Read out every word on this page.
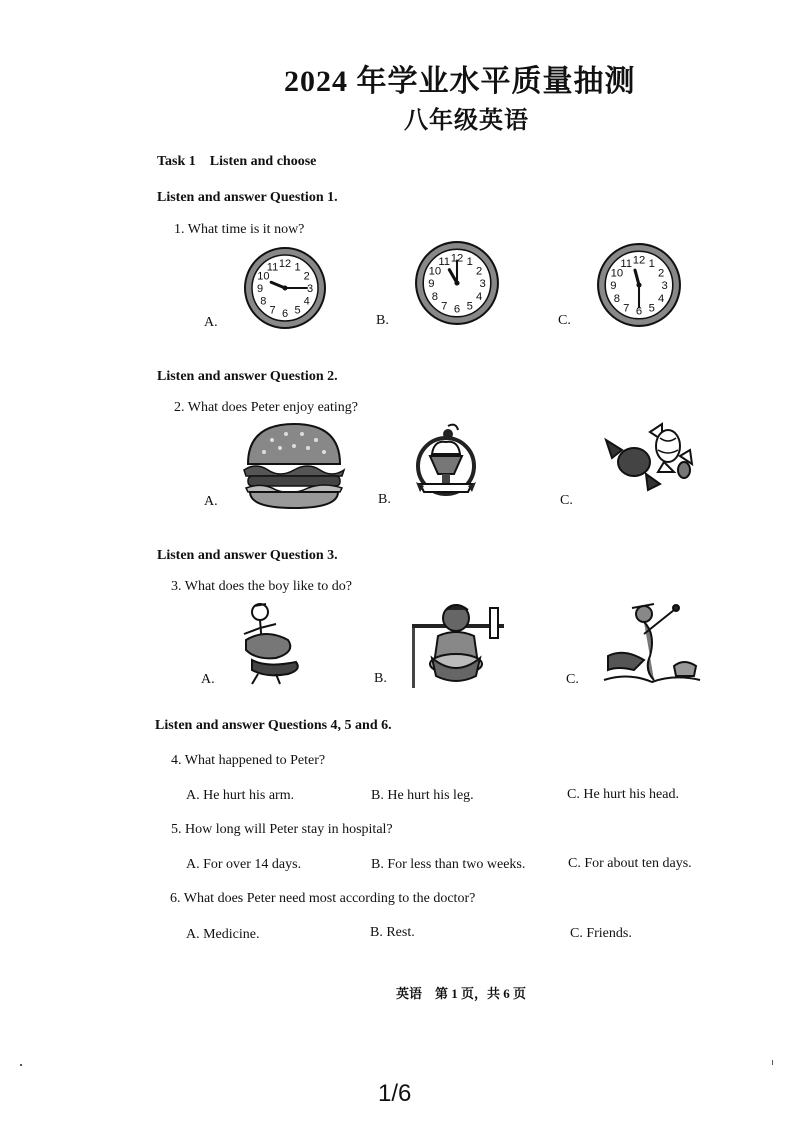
2024 年学业水平质量抽测
八年级英语
Task 1　Listen and choose
Listen and answer Question 1.
1. What time is it now?
A.	B.	C.
12 1
2
3
4
5
6
7
8
9
10
11
12 1
2
3
4
5
6
7
8
9
10
11	12 1
2
3
4
5
6
7
8
9
10
11
Listen and answer Question 2.
2. What does Peter enjoy eating?
A.	B.	C.
Listen and answer Question 3.
3. What does the boy like to do?
A.	B.	C.
Listen and answer Questions 4, 5 and 6.
4. What happened to Peter?
A. He hurt his arm.	B. He hurt his leg.	C. He hurt his head.
5. How long will Peter stay in hospital?
A. For over 14 days.	B. For less than two weeks.	C. For about ten days.
6. What does Peter need most according to the doctor?
A. Medicine.	B. Rest.	C. Friends.
英语　第 1 页，共 6 页
1/6
